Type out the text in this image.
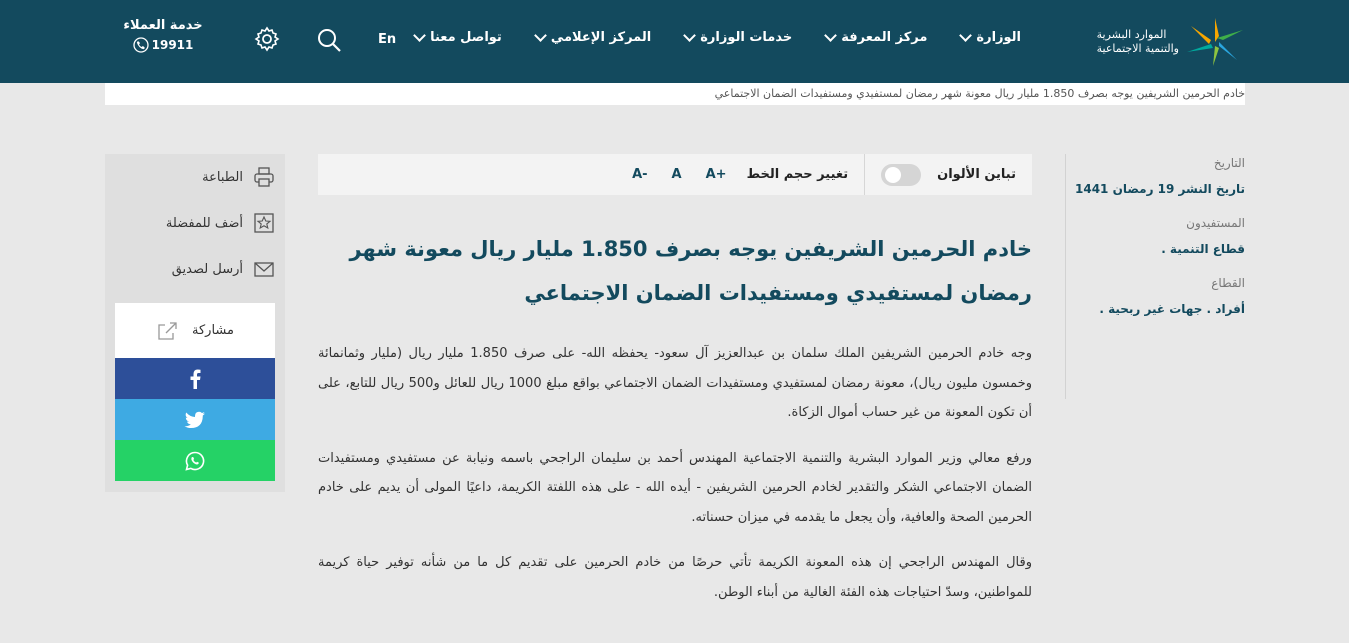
الموارد البشرية
والتنمية الاجتماعية
الوزارة
مركز المعرفة
خدمات الوزارة
المركز الإعلامي
تواصل معنا
En
خدمة العملاء
19911
خادم الحرمين الشريفين يوجه بصرف 1.850 مليار ريال معونة شهر رمضان لمستفيدي ومستفيدات الضمان الاجتماعي
التاريخ
تاريخ النشر 19 رمضان 1441
المستفيدون
قطاع التنمية .
القطاع
أفراد . جهات غير ربحية .
تباين الألوان
تغيير حجم الخط
A+
A
A-
خادم الحرمين الشريفين يوجه بصرف 1.850 مليار ريال معونة شهر رمضان لمستفيدي ومستفيدات الضمان الاجتماعي

وجه خادم الحرمين الشريفين الملك سلمان بن عبدالعزيز آل سعود- يحفظه الله- على صرف 1.850 مليار ريال (مليار وثمانمائة وخمسون مليون ريال)، معونة رمضان لمستفيدي ومستفيدات الضمان الاجتماعي بواقع مبلغ 1000 ريال للعائل و500 ريال للتابع، على أن تكون المعونة من غير حساب أموال الزكاة.

ورفع معالي وزير الموارد البشرية والتنمية الاجتماعية المهندس أحمد بن سليمان الراجحي باسمه ونيابة عن مستفيدي ومستفيدات الضمان الاجتماعي الشكر والتقدير لخادم الحرمين الشريفين - أيده الله - على هذه اللفتة الكريمة، داعيًا المولى أن يديم على خادم الحرمين الصحة والعافية، وأن يجعل ما يقدمه في ميزان حسناته.

وقال المهندس الراجحي إن هذه المعونة الكريمة تأتي حرصًا من خادم الحرمين على تقديم كل ما من شأنه توفير حياة كريمة للمواطنين، وسدّ احتياجات هذه الفئة الغالية من أبناء الوطن.

الطباعة
أضف للمفضلة
أرسل لصديق
مشاركة
